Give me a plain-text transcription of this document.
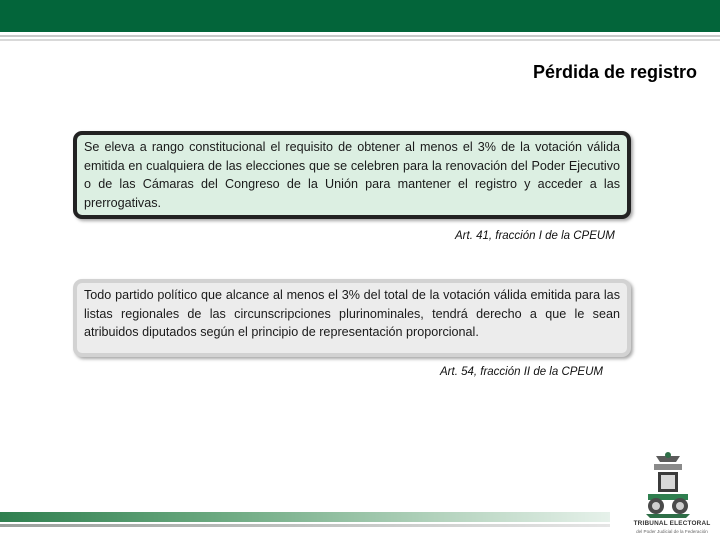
Pérdida de registro
Se eleva a rango constitucional el requisito de obtener al menos el 3% de la votación válida emitida en cualquiera de las elecciones que se celebren para la renovación del Poder Ejecutivo o de las Cámaras del Congreso de la Unión para mantener el registro y acceder a las prerrogativas.
Art. 41, fracción I de la CPEUM
Todo partido político que alcance al menos el 3% del total de la votación válida emitida para las listas regionales de las circunscripciones plurinominales, tendrá derecho a que le sean atribuidos diputados según el principio de representación proporcional.
Art. 54, fracción II de la CPEUM
TRIBUNAL ELECTORAL
del Poder Judicial de la Federación
